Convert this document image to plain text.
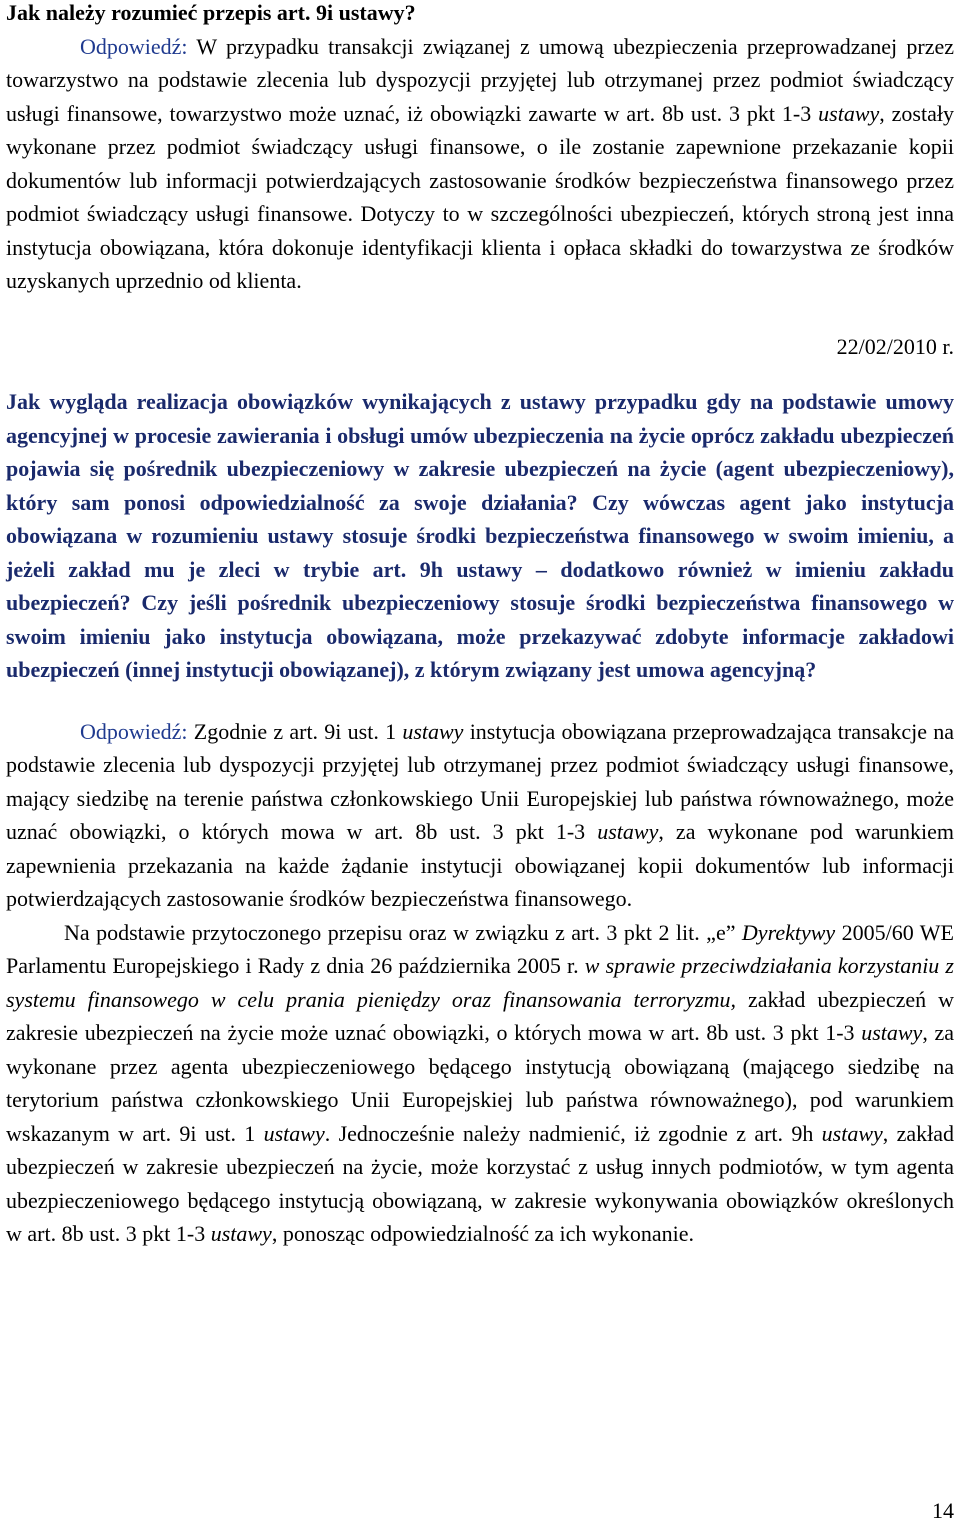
Jak należy rozumieć przepis art. 9i ustawy?
Odpowiedź: W przypadku transakcji związanej z umową ubezpieczenia przeprowadzanej przez towarzystwo na podstawie zlecenia lub dyspozycji przyjętej lub otrzymanej przez podmiot świadczący usługi finansowe, towarzystwo może uznać, iż obowiązki zawarte w art. 8b ust. 3 pkt 1-3 ustawy, zostały wykonane przez podmiot świadczący usługi finansowe, o ile zostanie zapewnione przekazanie kopii dokumentów lub informacji potwierdzających zastosowanie środków bezpieczeństwa finansowego przez podmiot świadczący usługi finansowe. Dotyczy to w szczególności ubezpieczeń, których stroną jest inna instytucja obowiązana, która dokonuje identyfikacji klienta i opłaca składki do towarzystwa ze środków uzyskanych uprzednio od klienta.
22/02/2010 r.
Jak wygląda realizacja obowiązków wynikających z ustawy przypadku gdy na podstawie umowy agencyjnej w procesie zawierania i obsługi umów ubezpieczenia na życie oprócz zakładu ubezpieczeń pojawia się pośrednik ubezpieczeniowy w zakresie ubezpieczeń na życie (agent ubezpieczeniowy), który sam ponosi odpowiedzialność za swoje działania? Czy wówczas agent jako instytucja obowiązana w rozumieniu ustawy stosuje środki bezpieczeństwa finansowego w swoim imieniu, a jeżeli zakład mu je zleci w trybie art. 9h ustawy – dodatkowo również w imieniu zakładu ubezpieczeń? Czy jeśli pośrednik ubezpieczeniowy stosuje środki bezpieczeństwa finansowego w swoim imieniu jako instytucja obowiązana, może przekazywać zdobyte informacje zakładowi ubezpieczeń (innej instytucji obowiązanej), z którym związany jest umowa agencyjną?
Odpowiedź: Zgodnie z art. 9i ust. 1 ustawy instytucja obowiązana przeprowadzająca transakcje na podstawie zlecenia lub dyspozycji przyjętej lub otrzymanej przez podmiot świadczący usługi finansowe, mający siedzibę na terenie państwa członkowskiego Unii Europejskiej lub państwa równoważnego, może uznać obowiązki, o których mowa w art. 8b ust. 3 pkt 1-3 ustawy, za wykonane pod warunkiem zapewnienia przekazania na każde żądanie instytucji obowiązanej kopii dokumentów lub informacji potwierdzających zastosowanie środków bezpieczeństwa finansowego.
Na podstawie przytoczonego przepisu oraz w związku z art. 3 pkt 2 lit. „e” Dyrektywy 2005/60 WE Parlamentu Europejskiego i Rady z dnia 26 października 2005 r. w sprawie przeciwdziałania korzystaniu z systemu finansowego w celu prania pieniędzy oraz finansowania terroryzmu, zakład ubezpieczeń w zakresie ubezpieczeń na życie może uznać obowiązki, o których mowa w art. 8b ust. 3 pkt 1-3 ustawy, za wykonane przez agenta ubezpieczeniowego będącego instytucją obowiązaną (mającego siedzibę na terytorium państwa członkowskiego Unii Europejskiej lub państwa równoważnego), pod warunkiem wskazanym w art. 9i ust. 1 ustawy. Jednocześnie należy nadmienić, iż zgodnie z art. 9h ustawy, zakład ubezpieczeń w zakresie ubezpieczeń na życie, może korzystać z usług innych podmiotów, w tym agenta ubezpieczeniowego będącego instytucją obowiązaną, w zakresie wykonywania obowiązków określonych w art. 8b ust. 3 pkt 1-3 ustawy, ponosząc odpowiedzialność za ich wykonanie.
14
